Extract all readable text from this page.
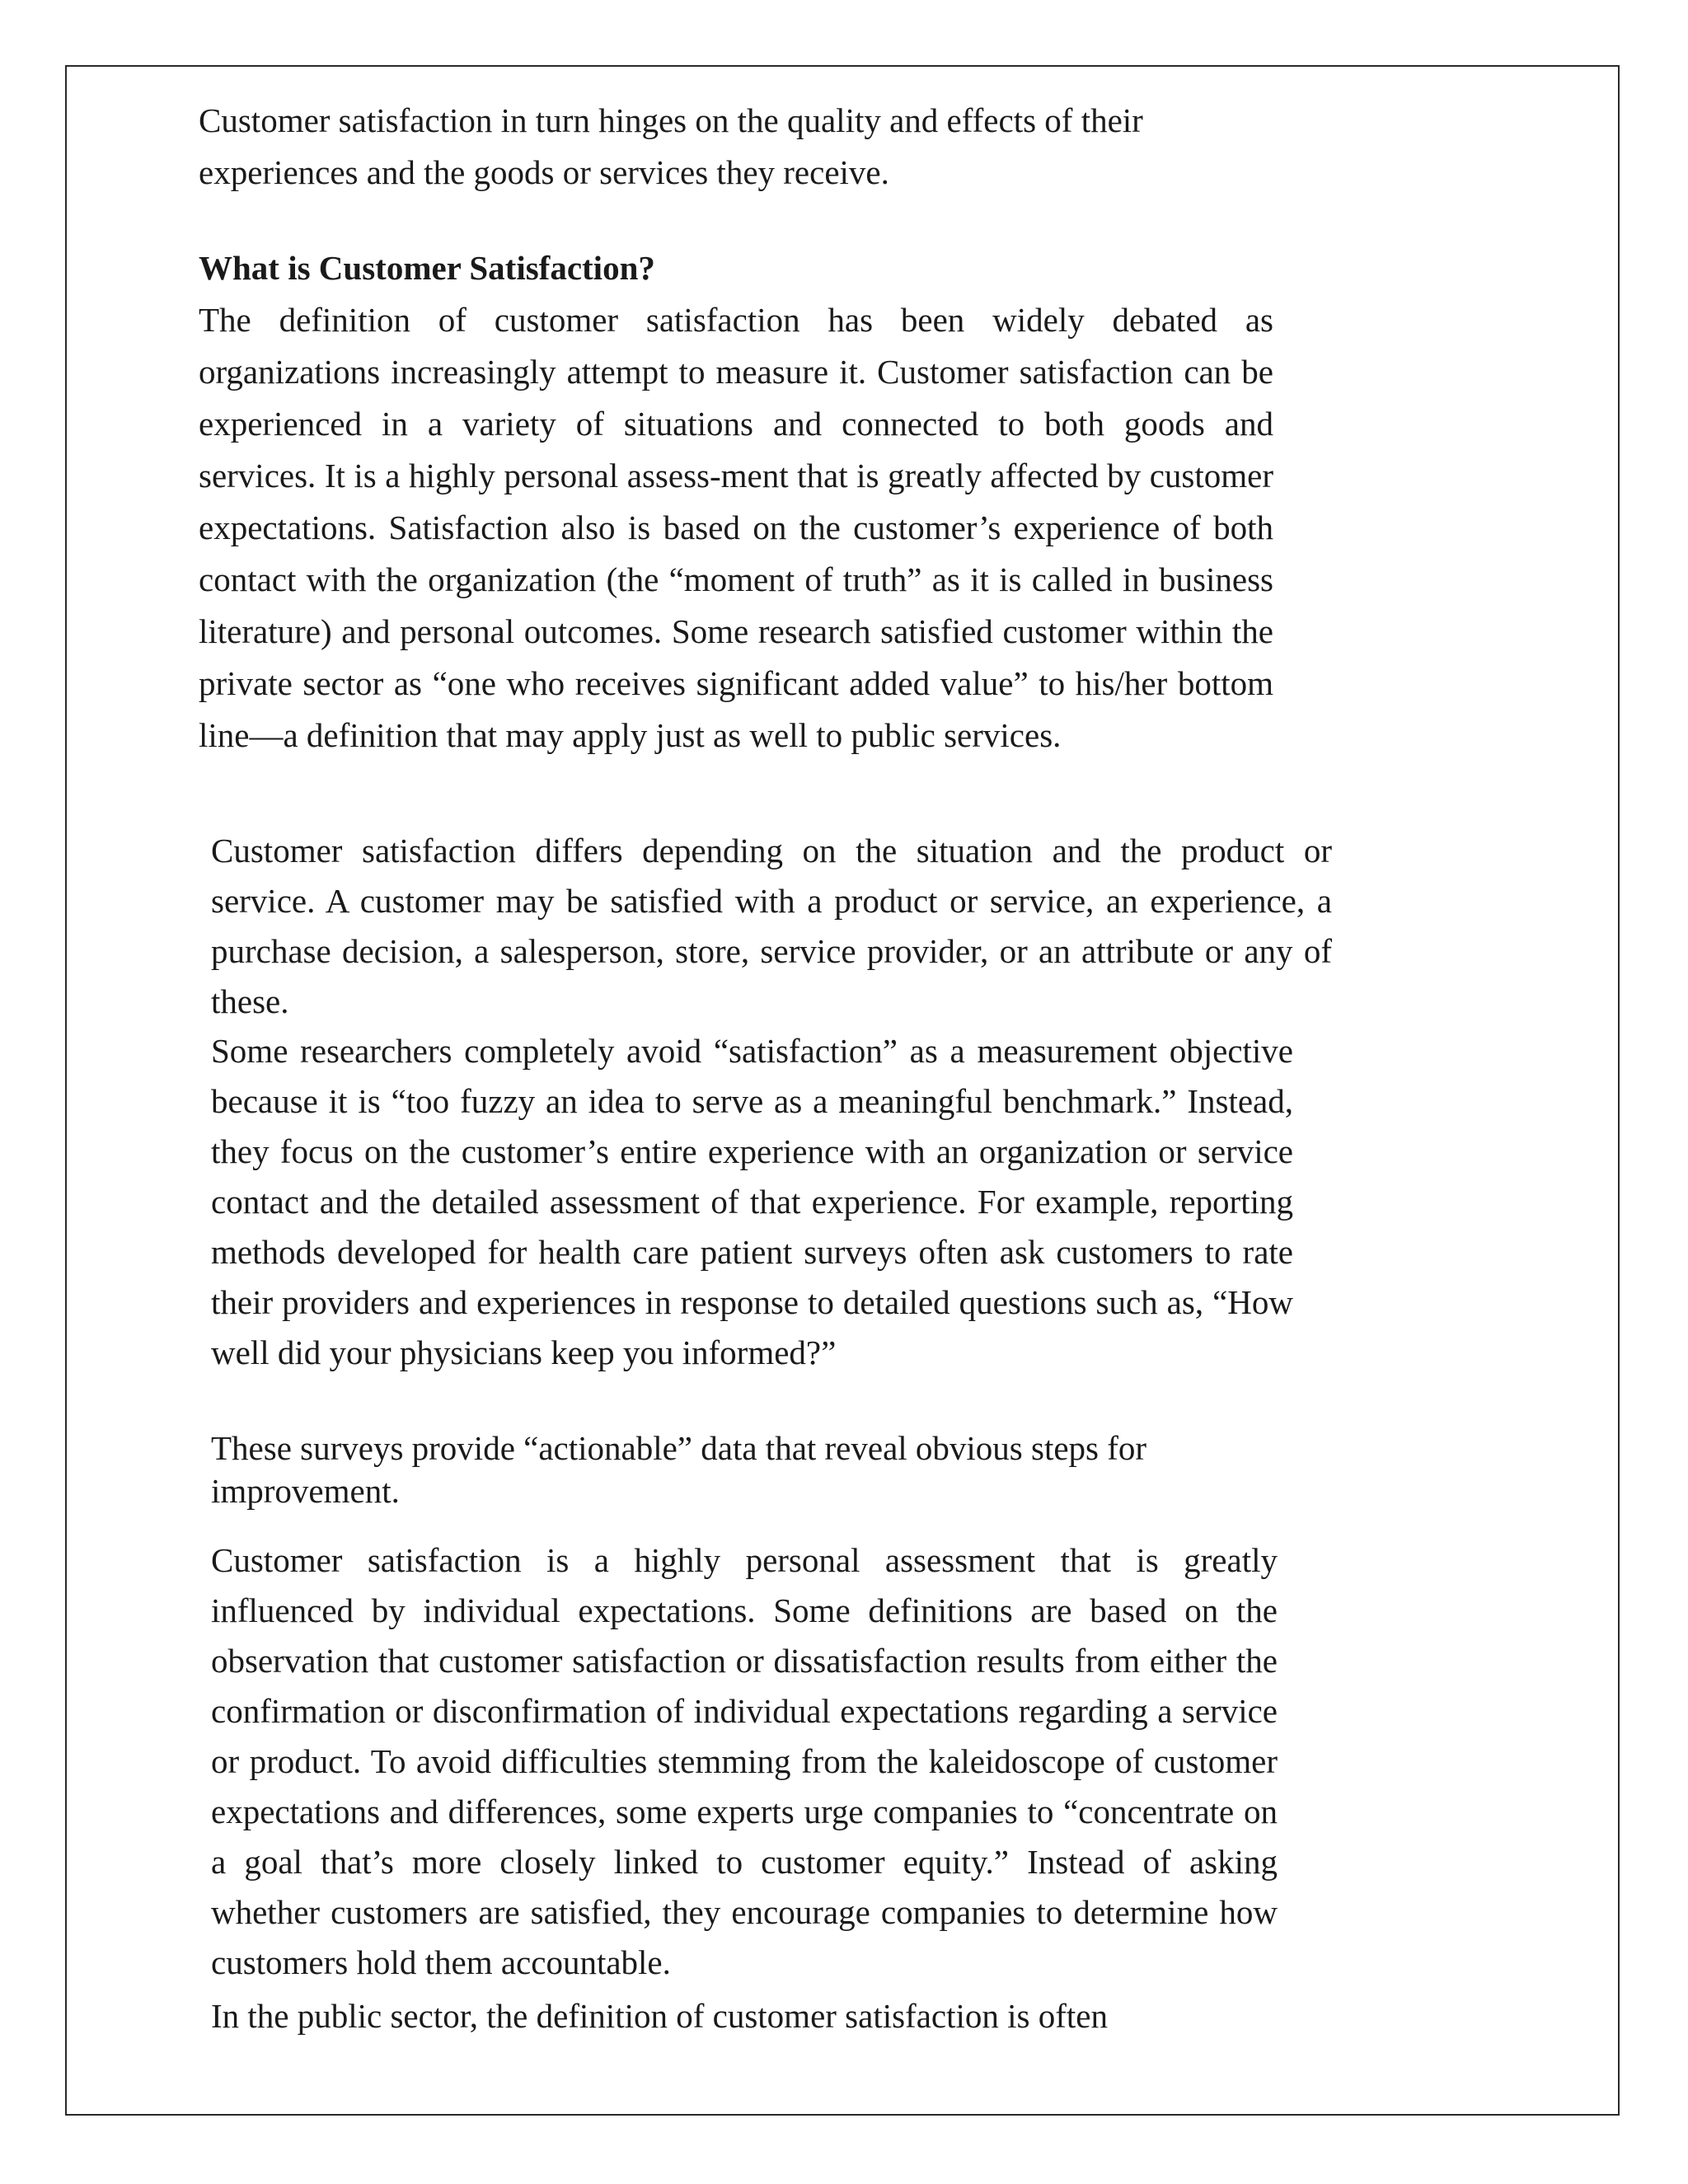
Customer satisfaction in turn hinges on the quality and effects of their experiences and the goods or services they receive.

What is Customer Satisfaction?

The definition of customer satisfaction has been widely debated as organizations increasingly attempt to measure it. Customer satisfaction can be experienced in a variety of situations and connected to both goods and services. It is a highly personal assess-ment that is greatly affected by customer expectations. Satisfaction also is based on the customer’s experience of both contact with the organization (the “moment of truth” as it is called in business literature) and personal outcomes. Some research satisfied customer within the private sector as “one who receives significant added value” to his/her bottom line—a definition that may apply just as well to public services.

Customer satisfaction differs depending on the situation and the product or service. A customer may be satisfied with a product or service, an experience, a purchase decision, a salesperson, store, service provider, or an attribute or any of these.

Some researchers completely avoid “satisfaction” as a measurement objective because it is “too fuzzy an idea to serve as a meaningful benchmark.” Instead, they focus on the customer’s entire experience with an organization or service contact and the detailed assessment of that experience. For example, reporting methods developed for health care patient surveys often ask customers to rate their providers and experiences in response to detailed questions such as, “How well did your physicians keep you informed?”

These surveys provide “actionable” data that reveal obvious steps for improvement.

Customer satisfaction is a highly personal assessment that is greatly influenced by individual expectations. Some definitions are based on the observation that customer satisfaction or dissatisfaction results from either the confirmation or disconfirmation of individual expectations regarding a service or product. To avoid difficulties stemming from the kaleidoscope of customer expectations and differences, some experts urge companies to “concentrate on a goal that’s more closely linked to customer equity.” Instead of asking whether customers are satisfied, they encourage companies to determine how customers hold them accountable.

In the public sector, the definition of customer satisfaction is often
